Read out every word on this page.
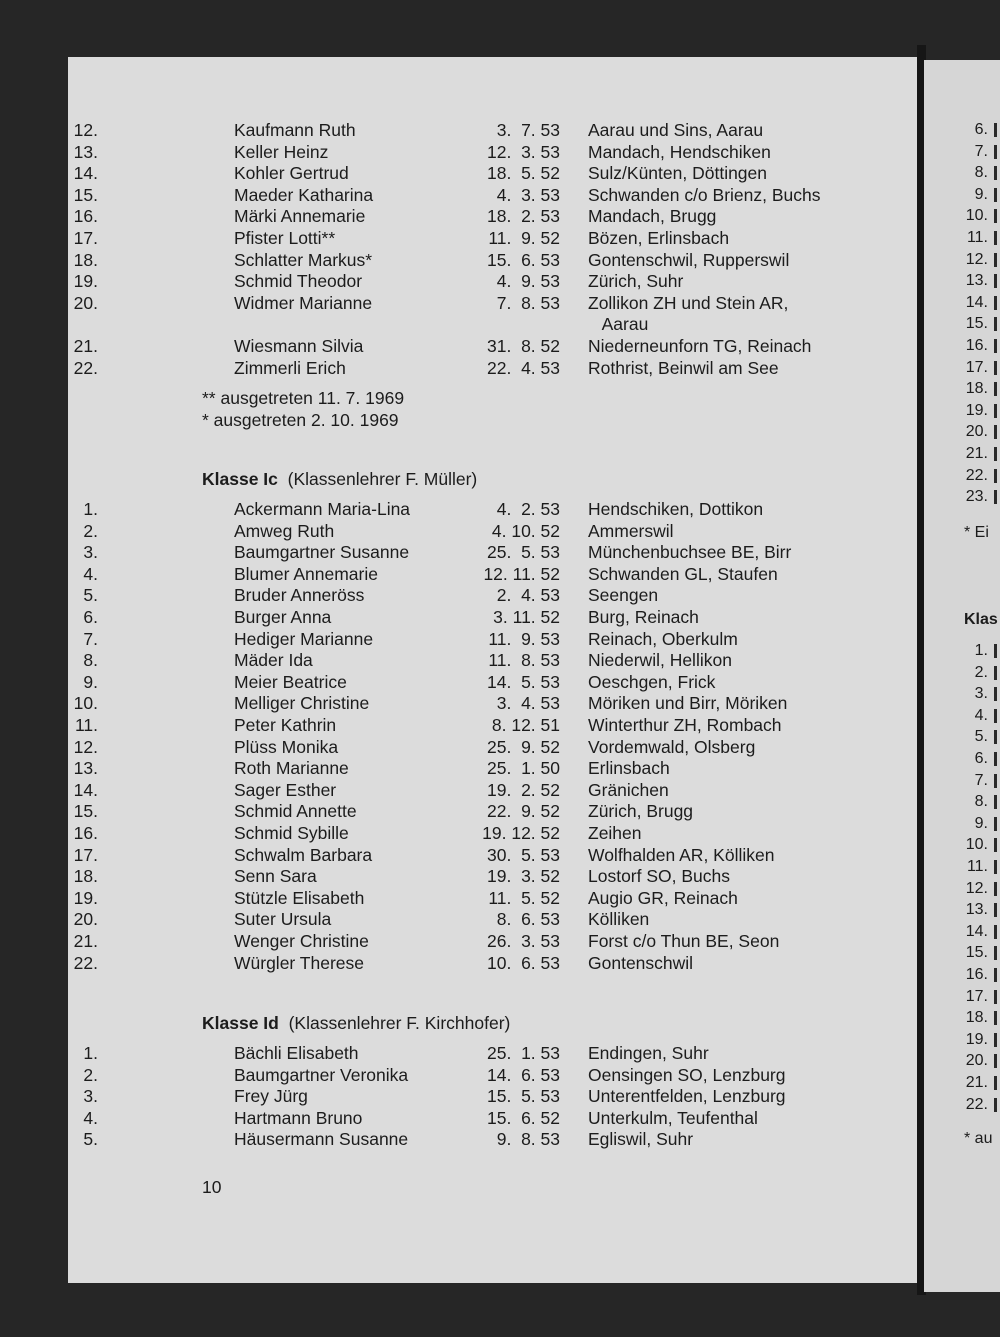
** ausgetreten 11. 7. 1969
* ausgetreten 2. 10. 1969
Klasse Ic (Klassenlehrer F. Müller)
Klasse Id (Klassenlehrer F. Kirchhofer)
10
12.	Kaufmann Ruth	3.  7. 53 Aarau und Sins, Aarau
13.	Keller Heinz	12.  3. 53 Mandach, Hendschiken
14.	Kohler Gertrud	18.  5. 52 Sulz/Künten, Döttingen
15.	Maeder Katharina	4.  3. 53 Schwanden c/o Brienz, Buchs
16.	Märki Annemarie	18.  2. 53 Mandach, Brugg
17.	Pfister Lotti**	11.  9. 52 Bözen, Erlinsbach
18.	Schlatter Markus*	15.  6. 53 Gontenschwil, Rupperswil
19.	Schmid Theodor	4.  9. 53 Zürich, Suhr
20.	Widmer Marianne	7.  8. 53 Zollikon ZH und Stein AR,
Aarau
21.	Wiesmann Silvia	31.  8. 52 Niederneunforn TG, Reinach
22.	Zimmerli Erich	22.  4. 53 Rothrist, Beinwil am See
1.	Ackermann Maria-Lina	4.  2. 53 Hendschiken, Dottikon
2.	Amweg Ruth	4. 10. 52 Ammerswil
3.	Baumgartner Susanne	25.  5. 53 Münchenbuchsee BE, Birr
4.	Blumer Annemarie	12. 11. 52 Schwanden GL, Staufen
5.	Bruder Anneröss	2.  4. 53 Seengen
6.	Burger Anna	3. 11. 52 Burg, Reinach
7.	Hediger Marianne	11.  9. 53 Reinach, Oberkulm
8.	Mäder Ida	11.  8. 53 Niederwil, Hellikon
9.	Meier Beatrice	14.  5. 53 Oeschgen, Frick
10.	Melliger Christine	3.  4. 53 Möriken und Birr, Möriken
11.	Peter Kathrin	8. 12. 51 Winterthur ZH, Rombach
12.	Plüss Monika	25.  9. 52 Vordemwald, Olsberg
13.	Roth Marianne	25.  1. 50 Erlinsbach
14.	Sager Esther	19.  2. 52 Gränichen
15.	Schmid Annette	22.  9. 52 Zürich, Brugg
16.	Schmid Sybille	19. 12. 52 Zeihen
17.	Schwalm Barbara	30.  5. 53 Wolfhalden AR, Kölliken
18.	Senn Sara	19.  3. 52 Lostorf SO, Buchs
19.	Stützle Elisabeth	11.  5. 52 Augio GR, Reinach
20.	Suter Ursula	8.  6. 53 Kölliken
21.	Wenger Christine	26.  3. 53 Forst c/o Thun BE, Seon
22.	Würgler Therese	10.  6. 53 Gontenschwil
1.	Bächli Elisabeth	25.  1. 53 Endingen, Suhr
2.	Baumgartner Veronika	14.  6. 53 Oensingen SO, Lenzburg
3.	Frey Jürg	15.  5. 53 Unterentfelden, Lenzburg
4.	Hartmann Bruno	15.  6. 52 Unterkulm, Teufenthal
5.	Häusermann Susanne	9.  8. 53 Egliswil, Suhr
6.
7.
8.
9.
10.
11.
12.
13.
14.
15.
16.
17.
18.
19.
20.
21.
22.
23.
1.
2.
3.
4.
5.
6.
7.
8.
9.
10.
11.
12.
13.
14.
15.
16.
17.
18.
19.
20.
21.
22.
* Ei
Klas
* au
